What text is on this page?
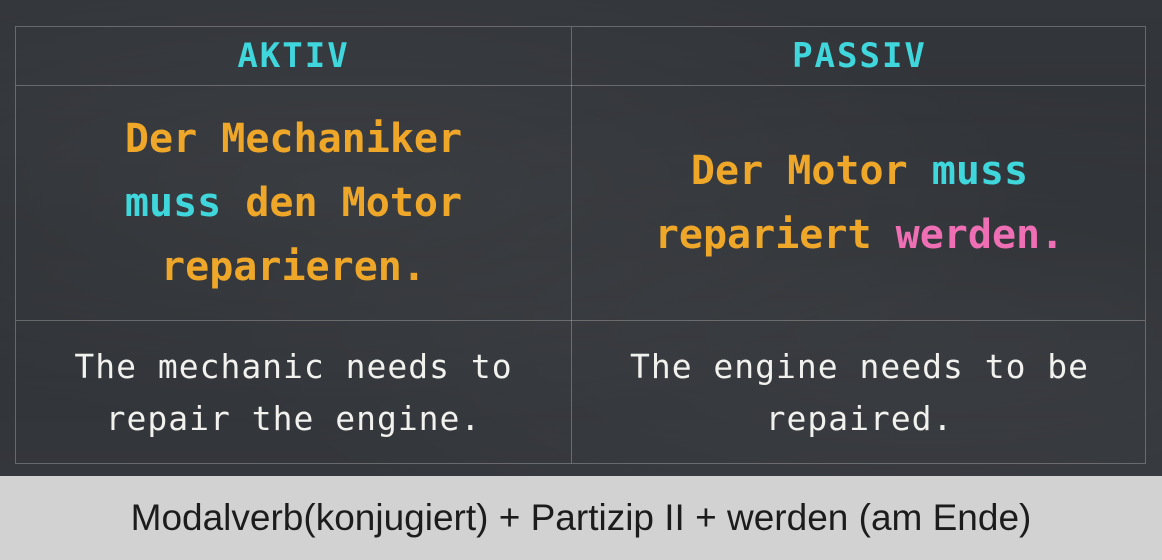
AKTIV	PASSIV
Der Mechaniker
muss den Motor
reparieren.
Der Motor muss
repariert werden.
The mechanic needs to
repair the engine.
The engine needs to be
repaired.
Modalverb(konjugiert) + Partizip II + werden (am Ende)
